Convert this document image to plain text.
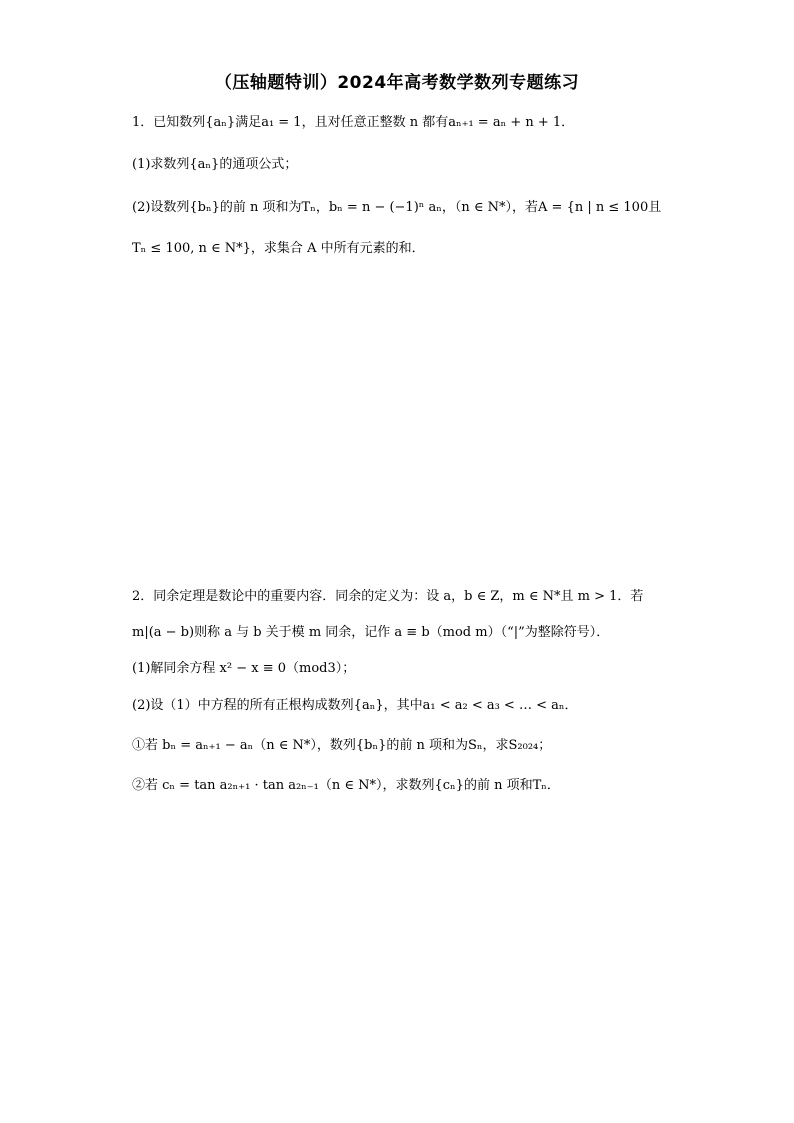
（压轴题特训）2024年高考数学数列专题练习
1．已知数列{aₙ}满足a₁ = 1，且对任意正整数 n 都有aₙ₊₁ = aₙ + n + 1．
(1)求数列{aₙ}的通项公式；
(2)设数列{bₙ}的前 n 项和为Tₙ，bₙ = n − (−1)ⁿ aₙ，（n ∈ N*），若A = {n | n ≤ 100且
Tₙ ≤ 100, n ∈ N*}，求集合 A 中所有元素的和．
2．同余定理是数论中的重要内容．同余的定义为：设 a，b ∈ Z，m ∈ N*且 m > 1．若
m|(a − b)则称 a 与 b 关于模 m 同余，记作 a ≡ b（mod m）（“|”为整除符号）．
(1)解同余方程 x² − x ≡ 0（mod3）；
(2)设（1）中方程的所有正根构成数列{aₙ}，其中a₁ < a₂ < a₃ < … < aₙ．
①若 bₙ = aₙ₊₁ − aₙ（n ∈ N*），数列{bₙ}的前 n 项和为Sₙ，求S₂₀₂₄；
②若 cₙ = tan a₂ₙ₊₁ · tan a₂ₙ₋₁（n ∈ N*），求数列{cₙ}的前 n 项和Tₙ．
